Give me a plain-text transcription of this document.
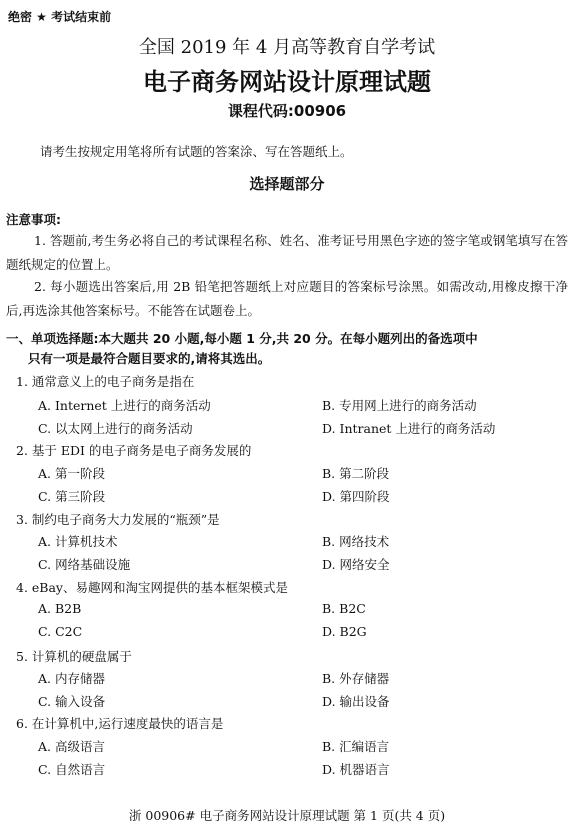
绝密 ★ 考试结束前
全国 2019 年 4 月高等教育自学考试
电子商务网站设计原理试题
课程代码:00906
请考生按规定用笔将所有试题的答案涂、写在答题纸上。
选择题部分
注意事项:
1. 答题前,考生务必将自己的考试课程名称、姓名、准考证号用黑色字迹的签字笔或钢笔填写在答题纸规定的位置上。
2. 每小题选出答案后,用 2B 铅笔把答题纸上对应题目的答案标号涂黑。如需改动,用橡皮擦干净后,再选涂其他答案标号。不能答在试题卷上。
一、单项选择题:本大题共 20 小题,每小题 1 分,共 20 分。在每小题列出的备选项中
只有一项是最符合题目要求的,请将其选出。
1. 通常意义上的电子商务是指在
A. Internet 上进行的商务活动	B. 专用网上进行的商务活动
C. 以太网上进行的商务活动	D. Intranet 上进行的商务活动
2. 基于 EDI 的电子商务是电子商务发展的
A. 第一阶段	B. 第二阶段
C. 第三阶段	D. 第四阶段
3. 制约电子商务大力发展的“瓶颈”是
A. 计算机技术	B. 网络技术
C. 网络基础设施	D. 网络安全
4. eBay、易趣网和淘宝网提供的基本框架模式是
A. B2B	B. B2C
C. C2C	D. B2G
5. 计算机的硬盘属于
A. 内存储器	B. 外存储器
C. 输入设备	D. 输出设备
6. 在计算机中,运行速度最快的语言是
A. 高级语言	B. 汇编语言
C. 自然语言	D. 机器语言
浙 00906# 电子商务网站设计原理试题 第 1 页(共 4 页)
